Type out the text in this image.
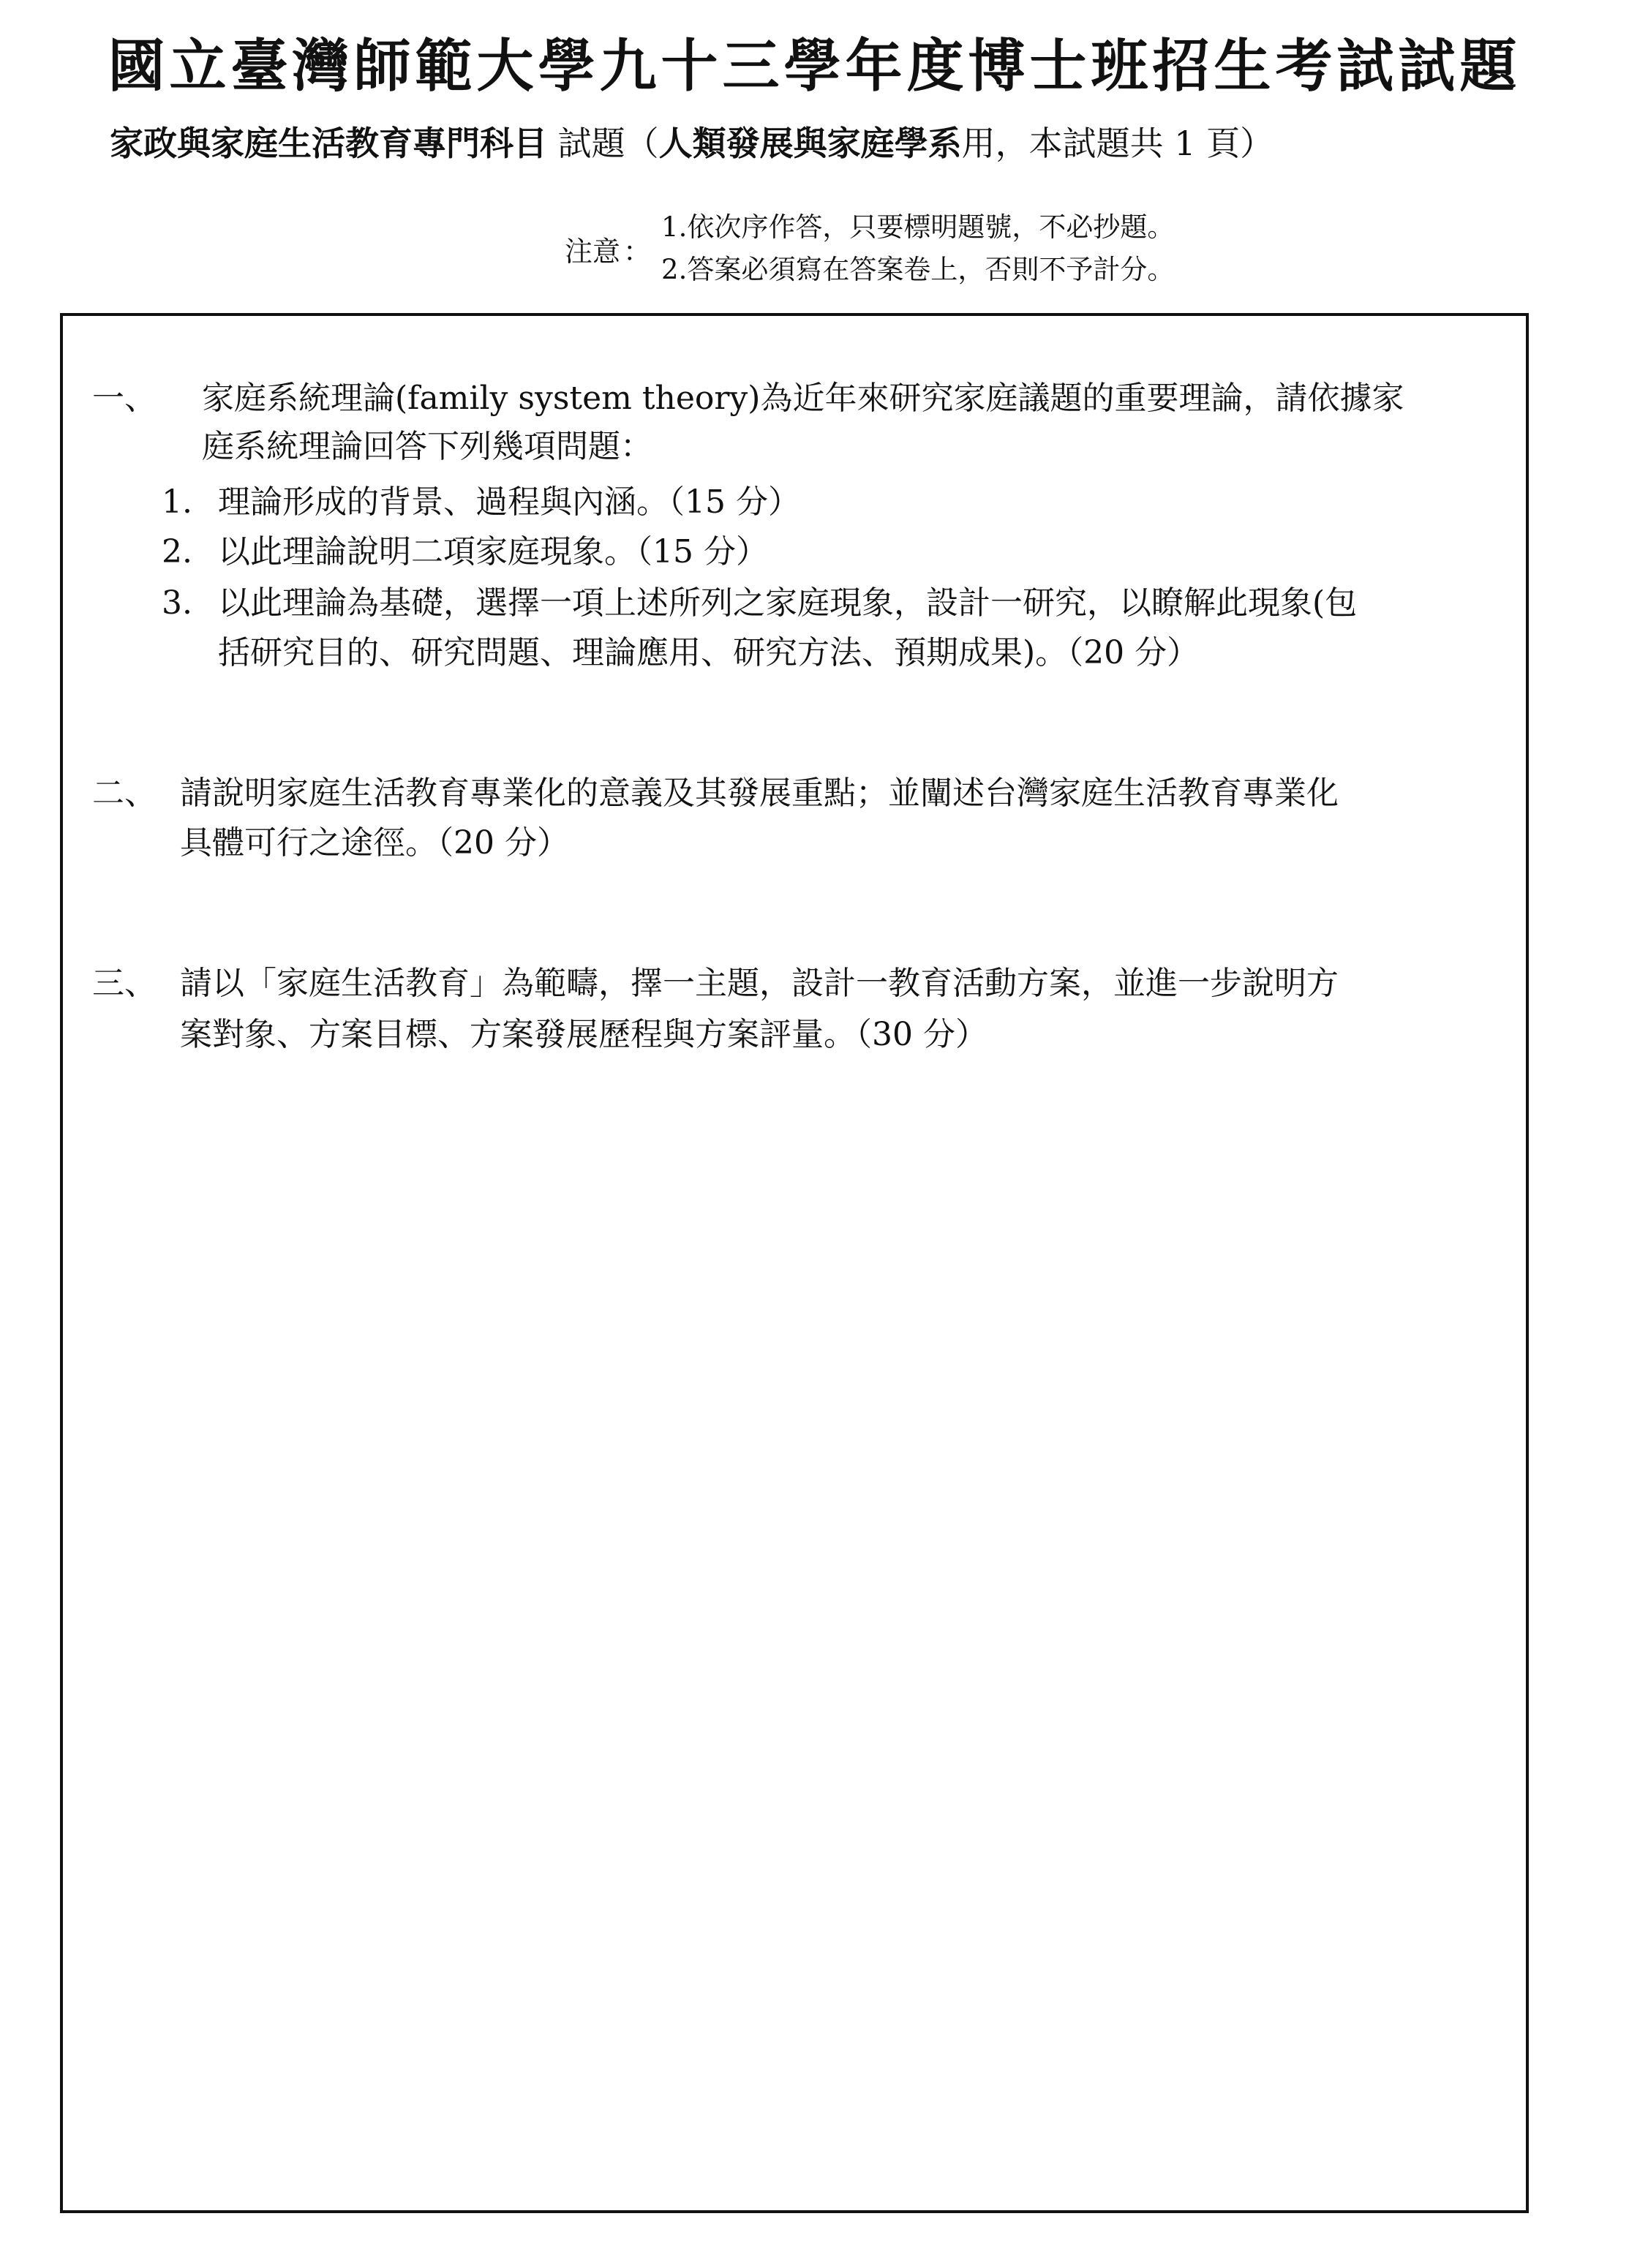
國立臺灣師範大學九十三學年度博士班招生考試試題
家政與家庭生活教育專門科目 試題（人類發展與家庭學系用，本試題共 1 頁）
注意 ：
1.依次序作答，只要標明題號，不必抄題。
2.答案必須寫在答案卷上，否則不予計分。
一、 家庭系統理論(family system theory)為近年來研究家庭議題的重要理論，請依據家
庭系統理論回答下列幾項問題：
1. 理論形成的背景、過程與內涵。（15 分）
2. 以此理論說明二項家庭現象。（15 分）
3. 以此理論為基礎，選擇一項上述所列之家庭現象，設計一研究，以瞭解此現象(包
括研究目的、研究問題、理論應用、研究方法、預期成果)。（20 分）
二、 請說明家庭生活教育專業化的意義及其發展重點；並闡述台灣家庭生活教育專業化
具體可行之途徑。（20 分）
三、 請以「家庭生活教育」為範疇，擇一主題，設計一教育活動方案，並進一步說明方
案對象、方案目標、方案發展歷程與方案評量。（30 分）
